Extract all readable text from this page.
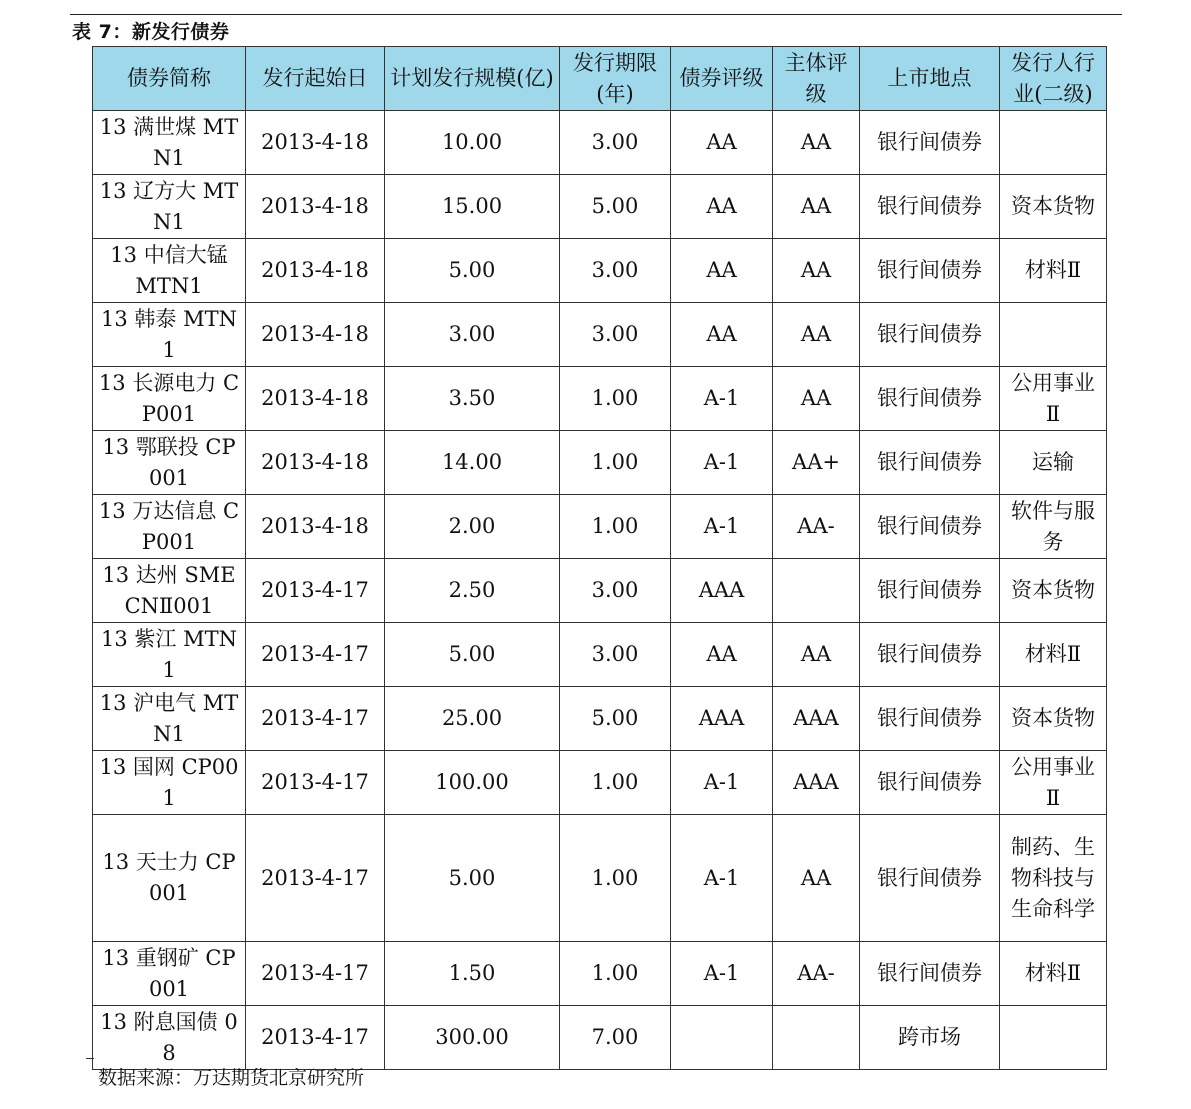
表 7：新发行债券
债券简称	发行起始日	计划发行规模(亿)	发行期限(年)	债券评级	主体评级	上市地点	发行人行业(二级)
13 满世煤 MTN1	2013-4-18	10.00	3.00	AA	AA	银行间债券	
13 辽方大 MTN1	2013-4-18	15.00	5.00	AA	AA	银行间债券	资本货物
13 中信大锰 MTN1	2013-4-18	5.00	3.00	AA	AA	银行间债券	材料Ⅱ
13 韩泰 MTN1	2013-4-18	3.00	3.00	AA	AA	银行间债券	
13 长源电力 CP001	2013-4-18	3.50	1.00	A-1	AA	银行间债券	公用事业Ⅱ
13 鄂联投 CP001	2013-4-18	14.00	1.00	A-1	AA+	银行间债券	运输
13 万达信息 CP001	2013-4-18	2.00	1.00	A-1	AA-	银行间债券	软件与服务
13 达州 SMECNⅡ001	2013-4-17	2.50	3.00	AAA		银行间债券	资本货物
13 紫江 MTN1	2013-4-17	5.00	3.00	AA	AA	银行间债券	材料Ⅱ
13 沪电气 MTN1	2013-4-17	25.00	5.00	AAA	AAA	银行间债券	资本货物
13 国网 CP001	2013-4-17	100.00	1.00	A-1	AAA	银行间债券	公用事业Ⅱ
13 天士力 CP001	2013-4-17	5.00	1.00	A-1	AA	银行间债券	制药、生物科技与生命科学
13 重钢矿 CP001	2013-4-17	1.50	1.00	A-1	AA-	银行间债券	材料Ⅱ
13 附息国债 08	2013-4-17	300.00	7.00			跨市场	
数据来源：万达期货北京研究所
